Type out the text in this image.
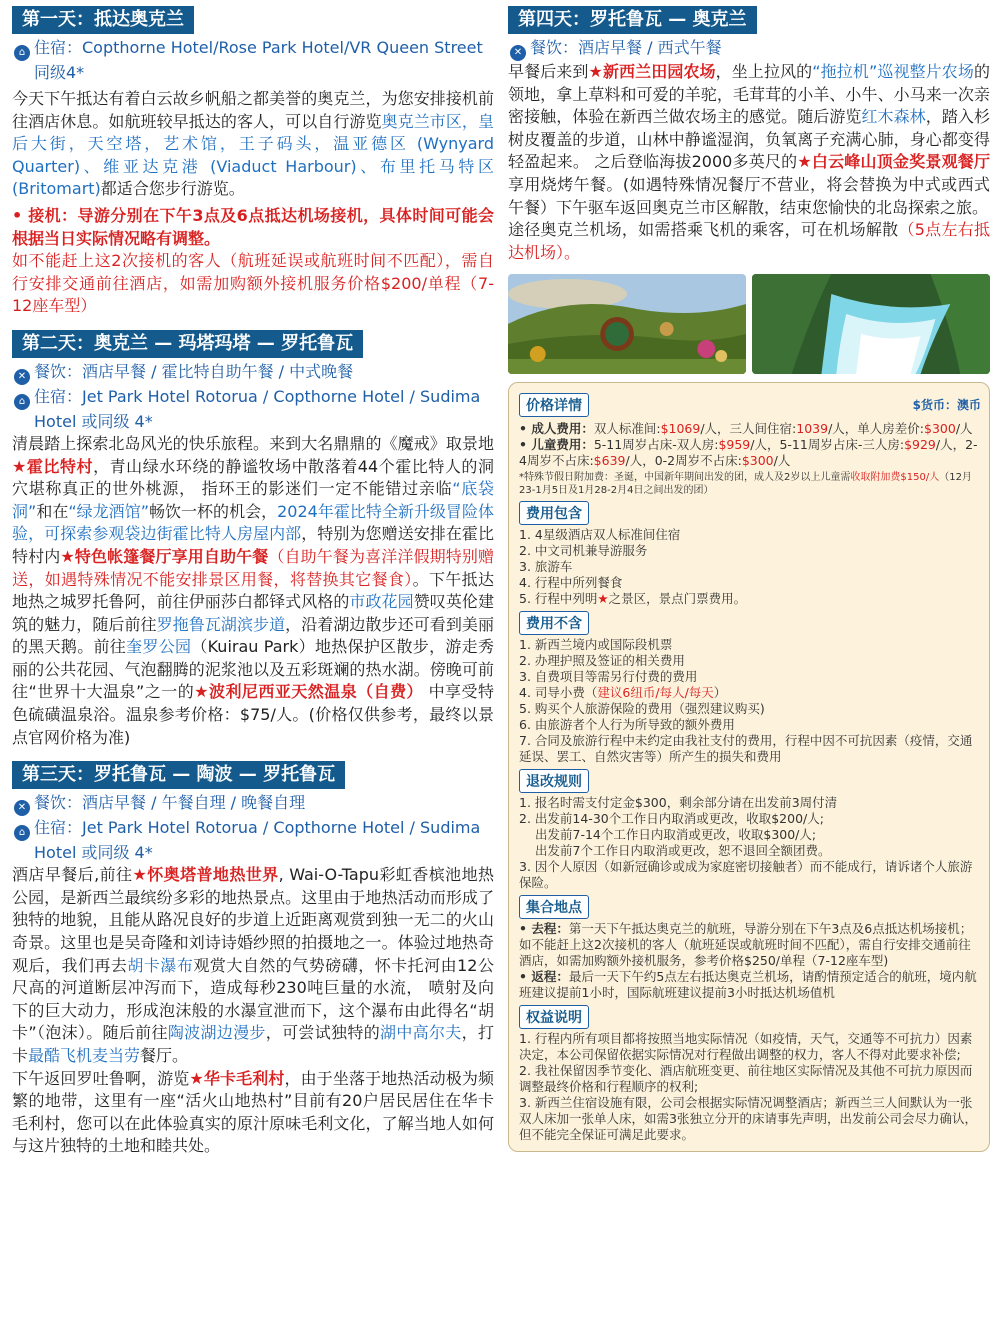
第一天：抵达奥克兰
⌂ 住宿：Copthorne Hotel/Rose Park Hotel/VR Queen Street同级4*
今天下午抵达有着白云故乡帆船之都美誉的奥克兰，为您安排接机前往酒店休息。如航班较早抵达的客人，可以自行游览奥克兰市区，皇后大街，天空塔，艺术馆，王子码头，温亚德区 (Wynyard Quarter)、维亚达克港 (Viaduct Harbour)、布里托马特区 (Britomart)都适合您步行游览。
• 接机：导游分别在下午3点及6点抵达机场接机，具体时间可能会根据当日实际情况略有调整。
如不能赶上这2次接机的客人（航班延误或航班时间不匹配），需自行安排交通前往酒店，如需加购额外接机服务价格$200/单程（7-12座车型）
第二天：奥克兰 — 玛塔玛塔 — 罗托鲁瓦
✕ 餐饮：酒店早餐 / 霍比特自助午餐 / 中式晚餐
⌂ 住宿：Jet Park Hotel Rotorua / Copthorne Hotel / Sudima Hotel 或同级 4*
清晨踏上探索北岛风光的快乐旅程。来到大名鼎鼎的《魔戒》取景地★霍比特村，青山绿水环绕的静谧牧场中散落着44个霍比特人的洞穴堪称真正的世外桃源， 指环王的影迷们一定不能错过亲临“底袋洞”和在“绿龙酒馆”畅饮一杯的机会，2024年霍比特全新升级冒险体验，可探索参观袋边街霍比特人房屋内部，特别为您赠送安排在霍比特村内★特色帐篷餐厅享用自助午餐（自助午餐为喜洋洋假期特别赠送，如遇特殊情况不能安排景区用餐，将替换其它餐食）。下午抵达地热之城罗托鲁阿，前往伊丽莎白都铎式风格的市政花园赞叹英伦建筑的魅力，随后前往罗拖鲁瓦湖滨步道，沿着湖边散步还可看到美丽的黑天鹅。前往奎罗公园（Kuirau Park）地热保护区散步，游走秀丽的公共花园、气泡翻腾的泥浆池以及五彩斑斓的热水湖。傍晚可前往“世界十大温泉”之一的★波利尼西亚天然温泉（自费） 中享受特色硫磺温泉浴。温泉参考价格：$75/人。(价格仅供参考，最终以景点官网价格为准)
第三天：罗托鲁瓦 — 陶波 — 罗托鲁瓦
✕ 餐饮：酒店早餐 / 午餐自理 / 晚餐自理
⌂ 住宿：Jet Park Hotel Rotorua / Copthorne Hotel / Sudima Hotel 或同级 4*
酒店早餐后,前往★怀奥塔普地热世界, Wai-O-Tapu彩虹香槟池地热公园，是新西兰最缤纷多彩的地热景点。这里由于地热活动而形成了独特的地貌，且能从路况良好的步道上近距离观赏到独一无二的火山奇景。这里也是吴奇隆和刘诗诗婚纱照的拍摄地之一。体验过地热奇观后，我们再去胡卡瀑布观赏大自然的气势磅礴，怀卡托河由12公尺高的河道断层冲泻而下，造成每秒230吨巨量的水流， 喷射及向下的巨大动力，形成泡沫般的水瀑宣泄而下，这个瀑布由此得名“胡卡”（泡沫）。随后前往陶波湖边漫步，可尝试独特的湖中高尔夫，打卡最酷飞机麦当劳餐厅。
下午返回罗吐鲁啊，游览★华卡毛利村，由于坐落于地热活动极为频繁的地带，这里有一座“活火山地热村”目前有20户居民居住在华卡毛利村，您可以在此体验真实的原汁原味毛利文化，了解当地人如何与这片独特的土地和睦共处。
第四天：罗托鲁瓦 — 奥克兰
✕ 餐饮：酒店早餐 / 西式午餐
早餐后来到★新西兰田园农场，坐上拉风的“拖拉机”巡视整片农场的领地，拿上草料和可爱的羊驼，毛茸茸的小羊、小牛、小马来一次亲密接触，体验在新西兰做农场主的感觉。随后游览红木森林，踏入杉树皮覆盖的步道，山林中静谧湿润，负氧离子充满心肺，身心都变得轻盈起来。 之后登临海拔2000多英尺的★白云峰山顶金奖景观餐厅享用烧烤午餐。(如遇特殊情况餐厅不营业，将会替换为中式或西式午餐）下午驱车返回奥克兰市区解散，结束您愉快的北岛探索之旅。
途径奥克兰机场，如需搭乘飞机的乘客，可在机场解散（5点左右抵达机场）。
价格详情	$货币：澳币
• 成人费用：双人标准间:$1069/人，三人间住宿:1039/人，单人房差价:$300/人
• 儿童费用：5-11周岁占床-双人房:$959/人，5-11周岁占床-三人房:$929/人，2-4周岁不占床:$639/人，0-2周岁不占床:$300/人
*特殊节假日附加费：圣诞，中国新年期间出发的团，成人及2岁以上儿童需收取附加费$150/人（12月23-1月5日及1月28-2月4日之间出发的团）
费用包含
1. 4星级酒店双人标准间住宿
2. 中文司机兼导游服务
3. 旅游车
4. 行程中所列餐食
5. 行程中列明★之景区，景点门票费用。
费用不含
1. 新西兰境内或国际段机票
2. 办理护照及签证的相关费用
3. 自费项目等需另行付费的费用
4. 司导小费（建议6纽币/每人/每天）
5. 购买个人旅游保险的费用（强烈建议购买)
6. 由旅游者个人行为所导致的额外费用
7. 合同及旅游行程中未约定由我社支付的费用，行程中因不可抗因素（疫情，交通延误、罢工、自然灾害等）所产生的损失和费用
退改规则
1. 报名时需支付定金$300，剩余部分请在出发前3周付清
2. 出发前14-30个工作日内取消或更改，收取$200/人;
出发前7-14个工作日内取消或更改，收取$300/人;
出发前7个工作日内取消或更改，恕不退回全额团费。
3. 因个人原因（如新冠确诊或成为家庭密切接触者）而不能成行，请诉诸个人旅游保险。
集合地点
• 去程：第一天下午抵达奥克兰的航班，导游分别在下午3点及6点抵达机场接机；如不能赶上这2次接机的客人（航班延误或航班时间不匹配），需自行安排交通前往酒店，如需加购额外接机服务，参考价格$250/单程（7-12座车型)
• 返程：最后一天下午约5点左右抵达奥克兰机场，请酌情预定适合的航班，境内航班建议提前1小时，国际航班建议提前3小时抵达机场值机
权益说明
1. 行程内所有项目都将按照当地实际情况（如疫情，天气，交通等不可抗力）因素决定，本公司保留依据实际情况对行程做出调整的权力，客人不得对此要求补偿;
2. 我社保留因季节变化、酒店航班变更、前往地区实际情况及其他不可抗力原因而调整最终价格和行程顺序的权利;
3. 新西兰住宿设施有限，公司会根据实际情况调整酒店；新西兰三人间默认为一张双人床加一张单人床，如需3张独立分开的床请事先声明，出发前公司会尽力确认，但不能完全保证可满足此要求。
